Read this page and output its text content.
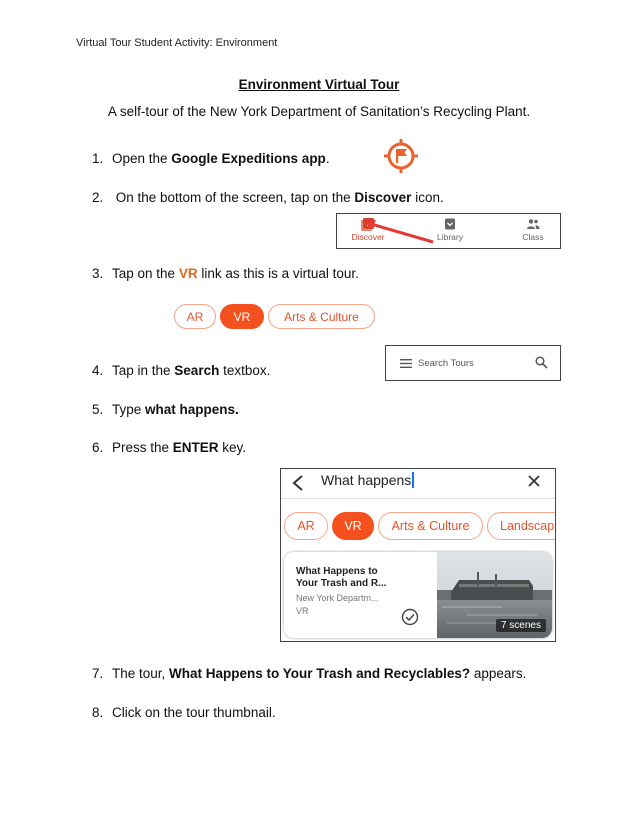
Virtual Tour Student Activity: Environment
Environment Virtual Tour
A self-tour of the New York Department of Sanitation’s Recycling Plant.
1. Open the Google Expeditions app.
2. On the bottom of the screen, tap on the Discover icon.
Discover	Library	Class
3. Tap on the VR link as this is a virtual tour.
AR	VR	Arts & Culture
Search Tours
4. Tap in the Search textbox.
5. Type what happens.
6. Press the ENTER key.
What happens
AR	VR	Arts & Culture	Landscap
What Happens to
Your Trash and R...
New York Departm...
VR
7 scenes
7. The tour, What Happens to Your Trash and Recyclables? appears.
8. Click on the tour thumbnail.
